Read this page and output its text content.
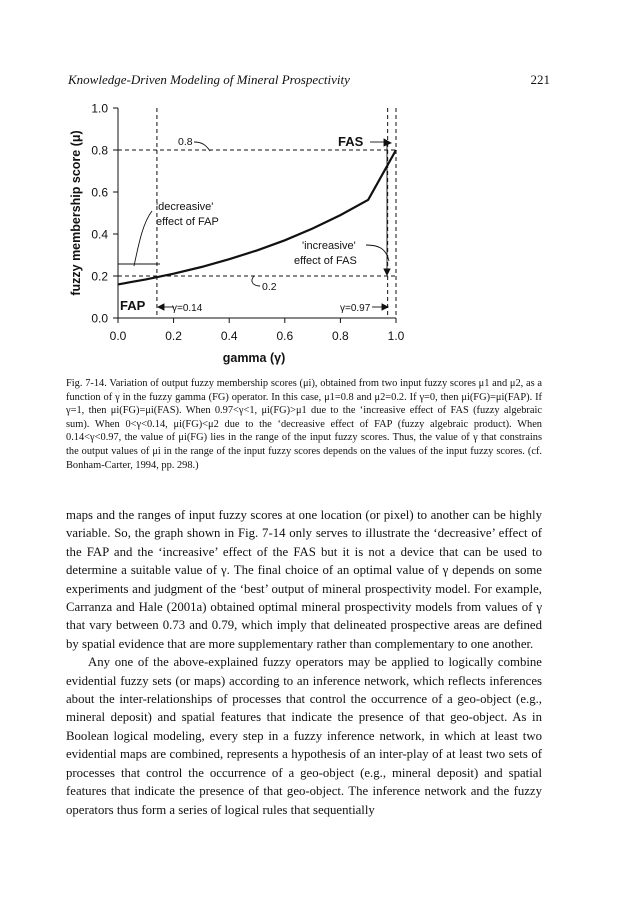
Knowledge-Driven Modeling of Mineral Prospectivity	221
0.0
0.2
0.4
0.6
0.8
1.0
0.0	0.2	0.4	0.6	0.8	1.0
0.8	FAS
'decreasive'
effect of FAP
'increasive'
effect of FAS
0.2
FAP	γ=0.14	γ=0.97
gamma (γ)
fuzzy membership score (μ)
Fig. 7-14. Variation of output fuzzy membership scores (μi), obtained from two input fuzzy scores μ1 and μ2, as a function of γ in the fuzzy gamma (FG) operator. In this case, μ1=0.8 and μ2=0.2. If γ=0, then μi(FG)=μi(FAP). If γ=1, then μi(FG)=μi(FAS). When 0.97<γ<1, μi(FG)>μ1 due to the ‘increasive effect of FAS (fuzzy algebraic sum). When 0<γ<0.14, μi(FG)<μ2 due to the ‘decreasive effect of FAP (fuzzy algebraic product). When 0.14<γ<0.97, the value of μi(FG) lies in the range of the input fuzzy scores. Thus, the value of γ that constrains the output values of μi in the range of the input fuzzy scores depends on the values of the input fuzzy scores. (cf. Bonham-Carter, 1994, pp. 298.)

maps and the ranges of input fuzzy scores at one location (or pixel) to another can be highly variable. So, the graph shown in Fig. 7-14 only serves to illustrate the ‘decreasive’ effect of the FAP and the ‘increasive’ effect of the FAS but it is not a device that can be used to determine a suitable value of γ. The final choice of an optimal value of γ depends on some experiments and judgment of the ‘best’ output of mineral prospectivity model. For example, Carranza and Hale (2001a) obtained optimal mineral prospectivity models from values of γ that vary between 0.73 and 0.79, which imply that delineated prospective areas are defined by spatial evidence that are more supplementary rather than complementary to one another.

Any one of the above-explained fuzzy operators may be applied to logically combine evidential fuzzy sets (or maps) according to an inference network, which reflects inferences about the inter-relationships of processes that control the occurrence of a geo-object (e.g., mineral deposit) and spatial features that indicate the presence of that geo-object. As in Boolean logical modeling, every step in a fuzzy inference network, in which at least two evidential maps are combined, represents a hypothesis of an inter-play of at least two sets of processes that control the occurrence of a geo-object (e.g., mineral deposit) and spatial features that indicate the presence of that geo-object. The inference network and the fuzzy operators thus form a series of logical rules that sequentially
